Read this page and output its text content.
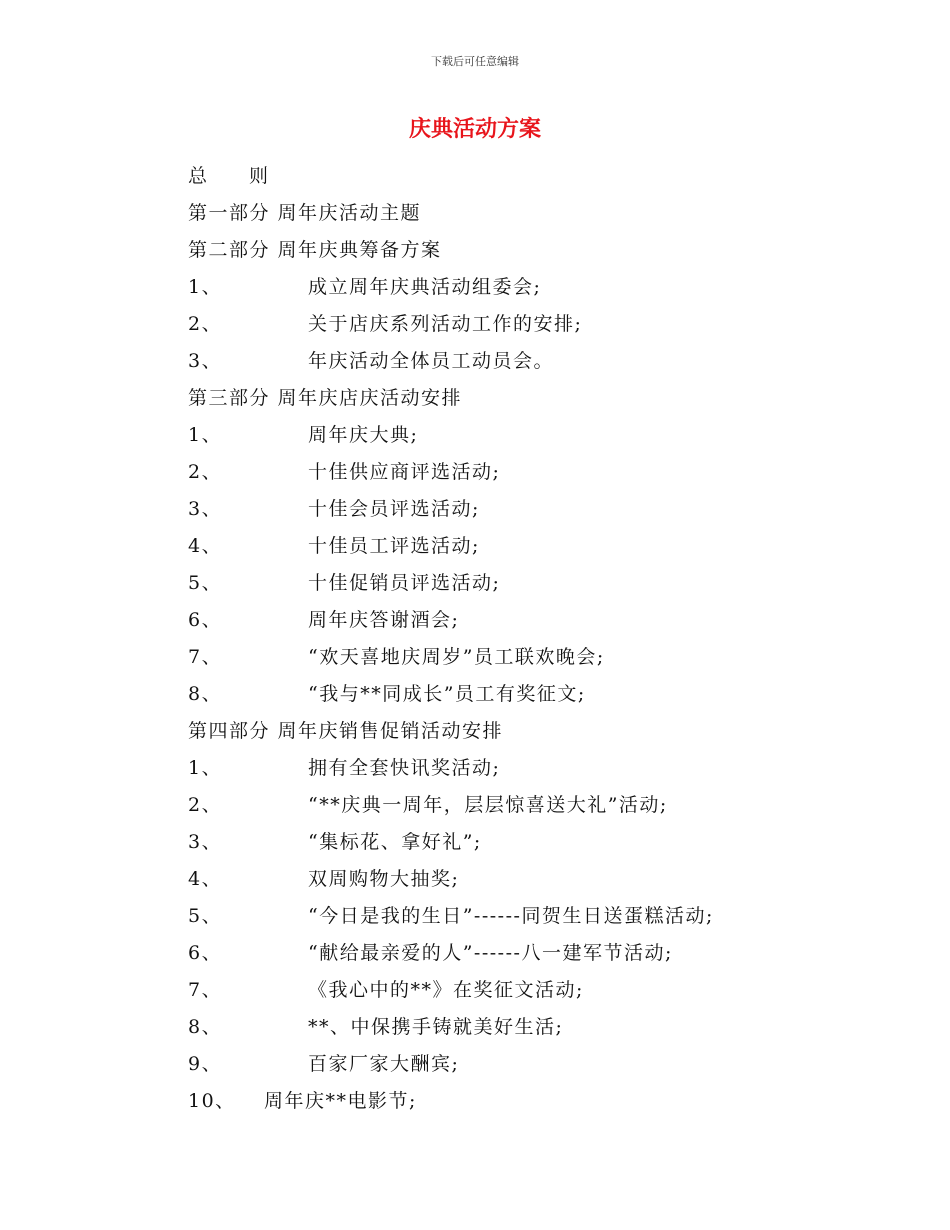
下载后可任意编辑
庆典活动方案
总 则
第一部分 周年庆活动主题
第二部分 周年庆典筹备方案
1、	成立周年庆典活动组委会;
2、	关于店庆系列活动工作的安排;
3、	年庆活动全体员工动员会。
第三部分 周年庆店庆活动安排
1、	周年庆大典;
2、	十佳供应商评选活动;
3、	十佳会员评选活动;
4、	十佳员工评选活动;
5、	十佳促销员评选活动;
6、	周年庆答谢酒会;
7、	“欢天喜地庆周岁”员工联欢晚会;
8、	“我与**同成长”员工有奖征文;
第四部分 周年庆销售促销活动安排
1、	拥有全套快讯奖活动;
2、	“**庆典一周年，层层惊喜送大礼”活动;
3、	“集标花、拿好礼”;
4、	双周购物大抽奖;
5、	“今日是我的生日”------同贺生日送蛋糕活动;
6、	“献给最亲爱的人”------八一建军节活动;
7、	《我心中的**》在奖征文活动;
8、	**、中保携手铸就美好生活;
9、	百家厂家大酬宾;
10、 周年庆**电影节;
